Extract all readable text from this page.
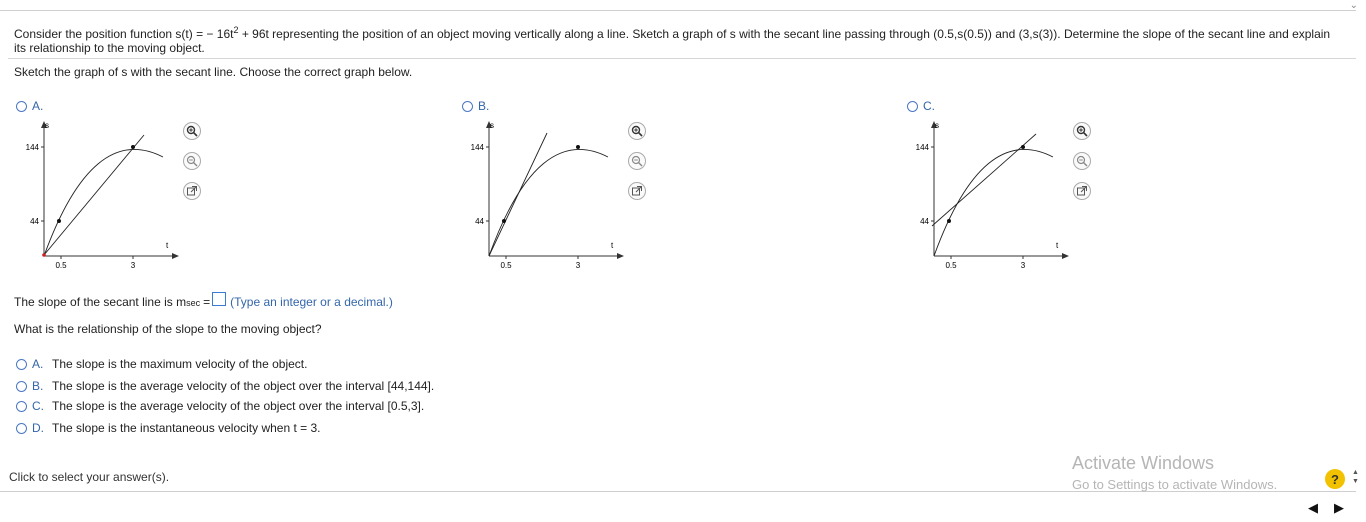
⌄
Consider the position function s(t) = − $16t^2 + 96t$ representing the position of an object moving vertically along a line. Sketch a graph of s with the secant line passing through (0.5,s(0.5)) and (3,s(3)). Determine the slope of the secant line and explain its relationship to the moving object.
Sketch the graph of s with the secant line. Choose the correct graph below.
A.
s
t
144
44
0.5	3
B.
s
t
144
44
0.5	3
C.
s
t
144
44
0.5	3
The slope of the secant line is m sec = (Type an integer or a decimal.)
What is the relationship of the slope to the moving object?
A. The slope is the maximum velocity of the object.
B. The slope is the average velocity of the object over the interval [44,144].
C. The slope is the average velocity of the object over the interval [0.5,3].
D. The slope is the instantaneous velocity when t = 3.
Click to select your answer(s).
Activate Windows
Go to Settings to activate Windows.	?	▲
▼
◀	▶
